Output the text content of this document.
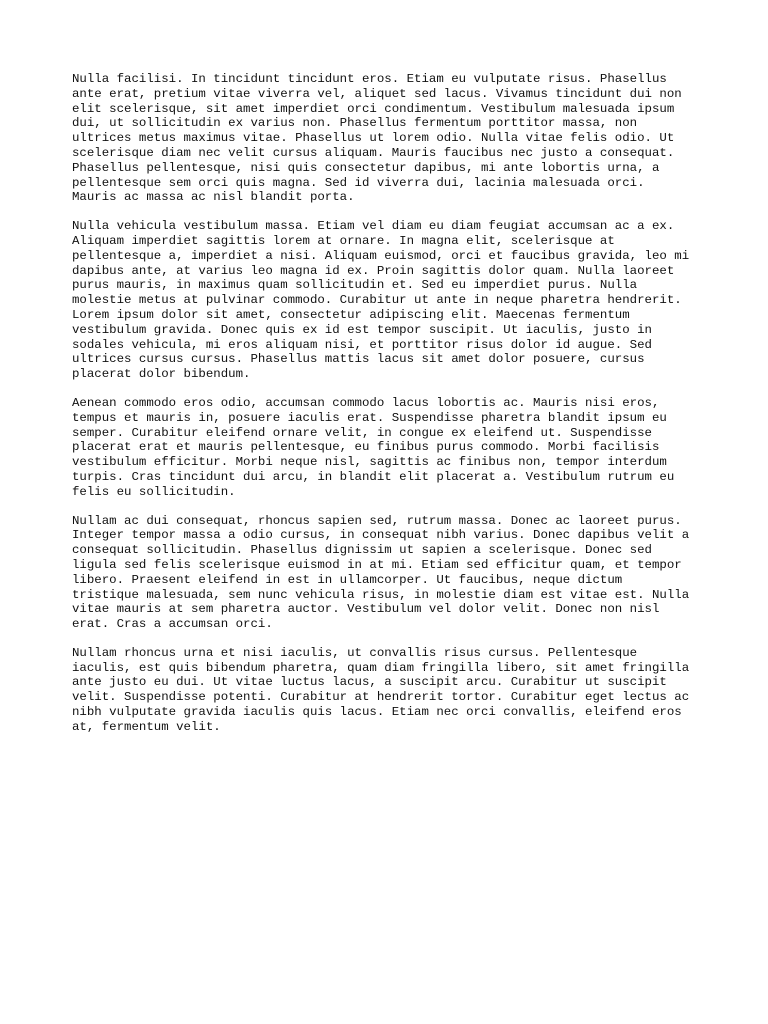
Nulla facilisi. In tincidunt tincidunt eros. Etiam eu vulputate risus. Phasellus
ante erat, pretium vitae viverra vel, aliquet sed lacus. Vivamus tincidunt dui non
elit scelerisque, sit amet imperdiet orci condimentum. Vestibulum malesuada ipsum
dui, ut sollicitudin ex varius non. Phasellus fermentum porttitor massa, non
ultrices metus maximus vitae. Phasellus ut lorem odio. Nulla vitae felis odio. Ut
scelerisque diam nec velit cursus aliquam. Mauris faucibus nec justo a consequat.
Phasellus pellentesque, nisi quis consectetur dapibus, mi ante lobortis urna, a
pellentesque sem orci quis magna. Sed id viverra dui, lacinia malesuada orci.
Mauris ac massa ac nisl blandit porta.

Nulla vehicula vestibulum massa. Etiam vel diam eu diam feugiat accumsan ac a ex.
Aliquam imperdiet sagittis lorem at ornare. In magna elit, scelerisque at
pellentesque a, imperdiet a nisi. Aliquam euismod, orci et faucibus gravida, leo mi
dapibus ante, at varius leo magna id ex. Proin sagittis dolor quam. Nulla laoreet
purus mauris, in maximus quam sollicitudin et. Sed eu imperdiet purus. Nulla
molestie metus at pulvinar commodo. Curabitur ut ante in neque pharetra hendrerit.
Lorem ipsum dolor sit amet, consectetur adipiscing elit. Maecenas fermentum
vestibulum gravida. Donec quis ex id est tempor suscipit. Ut iaculis, justo in
sodales vehicula, mi eros aliquam nisi, et porttitor risus dolor id augue. Sed
ultrices cursus cursus. Phasellus mattis lacus sit amet dolor posuere, cursus
placerat dolor bibendum.

Aenean commodo eros odio, accumsan commodo lacus lobortis ac. Mauris nisi eros,
tempus et mauris in, posuere iaculis erat. Suspendisse pharetra blandit ipsum eu
semper. Curabitur eleifend ornare velit, in congue ex eleifend ut. Suspendisse
placerat erat et mauris pellentesque, eu finibus purus commodo. Morbi facilisis
vestibulum efficitur. Morbi neque nisl, sagittis ac finibus non, tempor interdum
turpis. Cras tincidunt dui arcu, in blandit elit placerat a. Vestibulum rutrum eu
felis eu sollicitudin.

Nullam ac dui consequat, rhoncus sapien sed, rutrum massa. Donec ac laoreet purus.
Integer tempor massa a odio cursus, in consequat nibh varius. Donec dapibus velit a
consequat sollicitudin. Phasellus dignissim ut sapien a scelerisque. Donec sed
ligula sed felis scelerisque euismod in at mi. Etiam sed efficitur quam, et tempor
libero. Praesent eleifend in est in ullamcorper. Ut faucibus, neque dictum
tristique malesuada, sem nunc vehicula risus, in molestie diam est vitae est. Nulla
vitae mauris at sem pharetra auctor. Vestibulum vel dolor velit. Donec non nisl
erat. Cras a accumsan orci.

Nullam rhoncus urna et nisi iaculis, ut convallis risus cursus. Pellentesque
iaculis, est quis bibendum pharetra, quam diam fringilla libero, sit amet fringilla
ante justo eu dui. Ut vitae luctus lacus, a suscipit arcu. Curabitur ut suscipit
velit. Suspendisse potenti. Curabitur at hendrerit tortor. Curabitur eget lectus ac
nibh vulputate gravida iaculis quis lacus. Etiam nec orci convallis, eleifend eros
at, fermentum velit.
